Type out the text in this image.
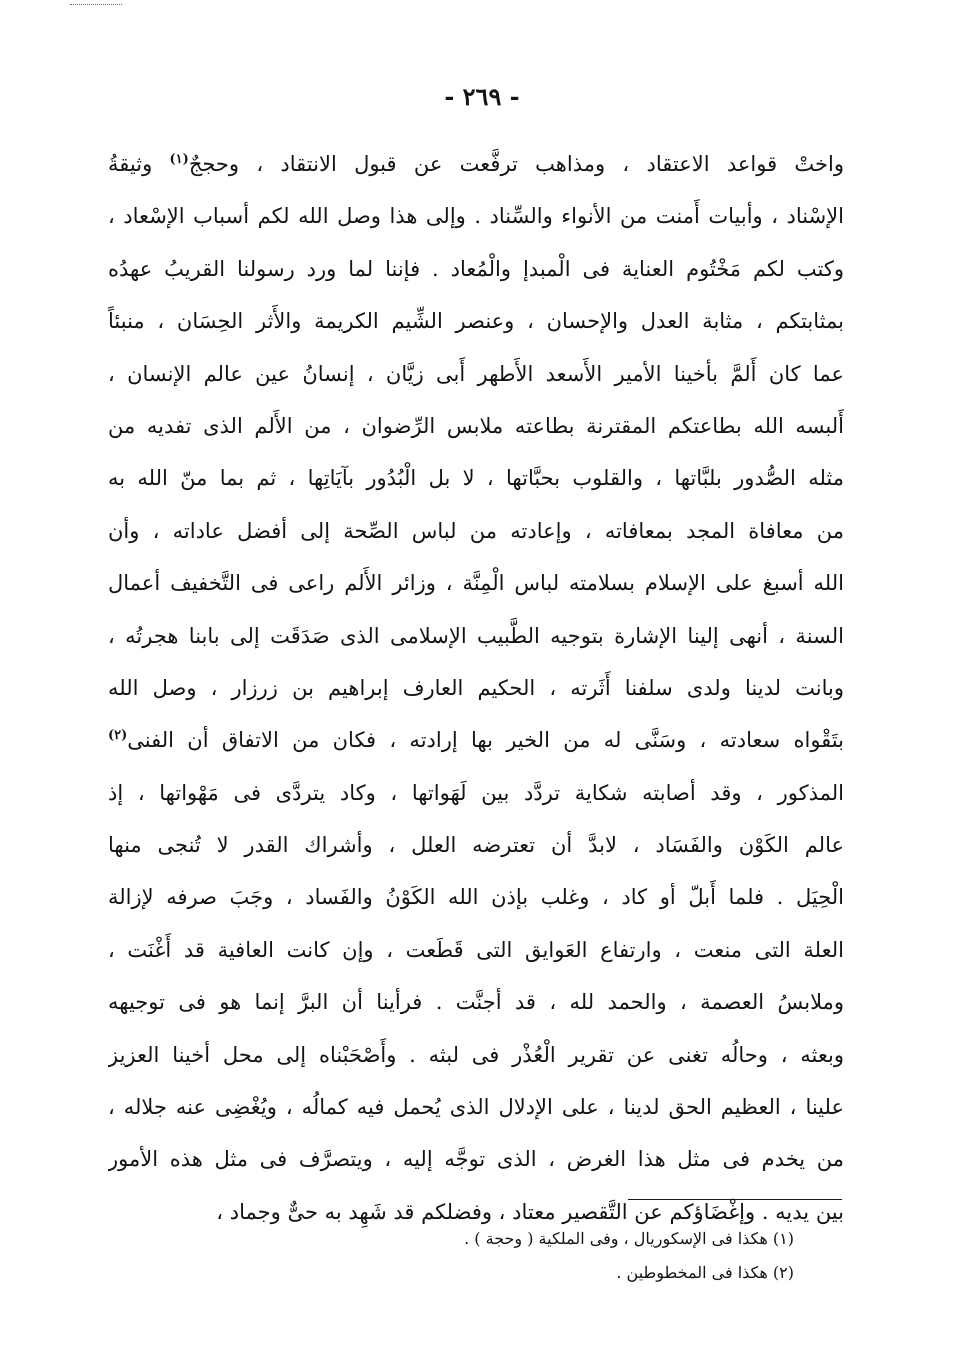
- ٢٦٩ -
واختْ قواعد الاعتقاد ، ومذاهب ترفَّعت عن قبول الانتقاد ، وحججٌ$^{(١)}$ وثيقةُ
الإسْناد ، وأبيات أَمنت من الأنواء والسِّناد . وإلى هذا وصل الله لكم أسباب الإسْعاد ،
وكتب لكم مَخْتُوم العناية فى الْمبدإ والْمُعاد . فإننا لما ورد رسولنا القريبُ عهدُه
بمثابتكم ، مثابة العدل والإحسان ، وعنصر الشِّيم الكريمة والأَثر الحِسَان ، منبئاً
عما كان أَلمَّ بأخينا الأمير الأَسعد الأَطهر أَبى زيَّان ، إنسانُ عين عالم الإنسان ،
أَلبسه الله بطاعتكم المقترنة بطاعته ملابس الرِّضوان ، من الأَلم الذى تفديه من
مثله الصُّدور بلبَّاتها ، والقلوب بحبَّاتها ، لا بل الْبُدُور بآيَاتِها ، ثم بما منّ الله به
من معافاة المجد بمعافاته ، وإعادته من لباس الصِّحة إلى أفضل عاداته ، وأن
الله أسبغ على الإسلام بسلامته لباس الْمِنَّة ، وزائر الأَلم راعى فى التَّخفيف أعمال
السنة ، أنهى إلينا الإشارة بتوجيه الطَّبيب الإسلامى الذى صَدَقَت إلى بابنا هجرتُه ،
وبانت لدينا ولدى سلفنا أَثَرته ، الحكيم العارف إبراهيم بن زرزار ، وصل الله
بتَقْواه سعادته ، وسَنَّى له من الخير بها إرادته ، فكان من الاتفاق أن الفنى$^{(٢)}$
المذكور ، وقد أصابته شكاية تردَّد بين لَهَواتها ، وكاد يتردَّى فى مَهْواتها ، إذ
عالم الكَوْن والفَسَاد ، لابدَّ أن تعترضه العلل ، وأشراك القدر لا تُنجى منها
الْحِيَل . فلما أَبلّ أو كاد ، وغلب بإذن الله الكَوْنُ والفَساد ، وجَبَ صرفه لإزالة
العلة التى منعت ، وارتفاع العَوايق التى قَطَعت ، وإن كانت العافية قد أَغْنَت ،
وملابسُ العصمة ، والحمد لله ، قد أجنَّت . فرأينا أن البرَّ إنما هو فى توجيهه
وبعثه ، وحالُه تغنى عن تقرير الْعُذْر فى لبثه . وأَصْحَبْناه إلى محل أخينا العزيز
علينا ، العظيم الحق لدينا ، على الإدلال الذى يُحمل فيه كمالُه ، ويُغْضِى عنه جلاله ،
من يخدم فى مثل هذا الغرض ، الذى توجَّه إليه ، ويتصرَّف فى مثل هذه الأمور
بين يديه . وإغْضَاؤكم عن التَّقصير معتاد ، وفضلكم قد شَهِد به حىٌّ وجماد ،
(١) هكذا فى الإسكوريال ، وفى الملكية ( وحجة ) .
(٢) هكذا فى المخطوطين .
